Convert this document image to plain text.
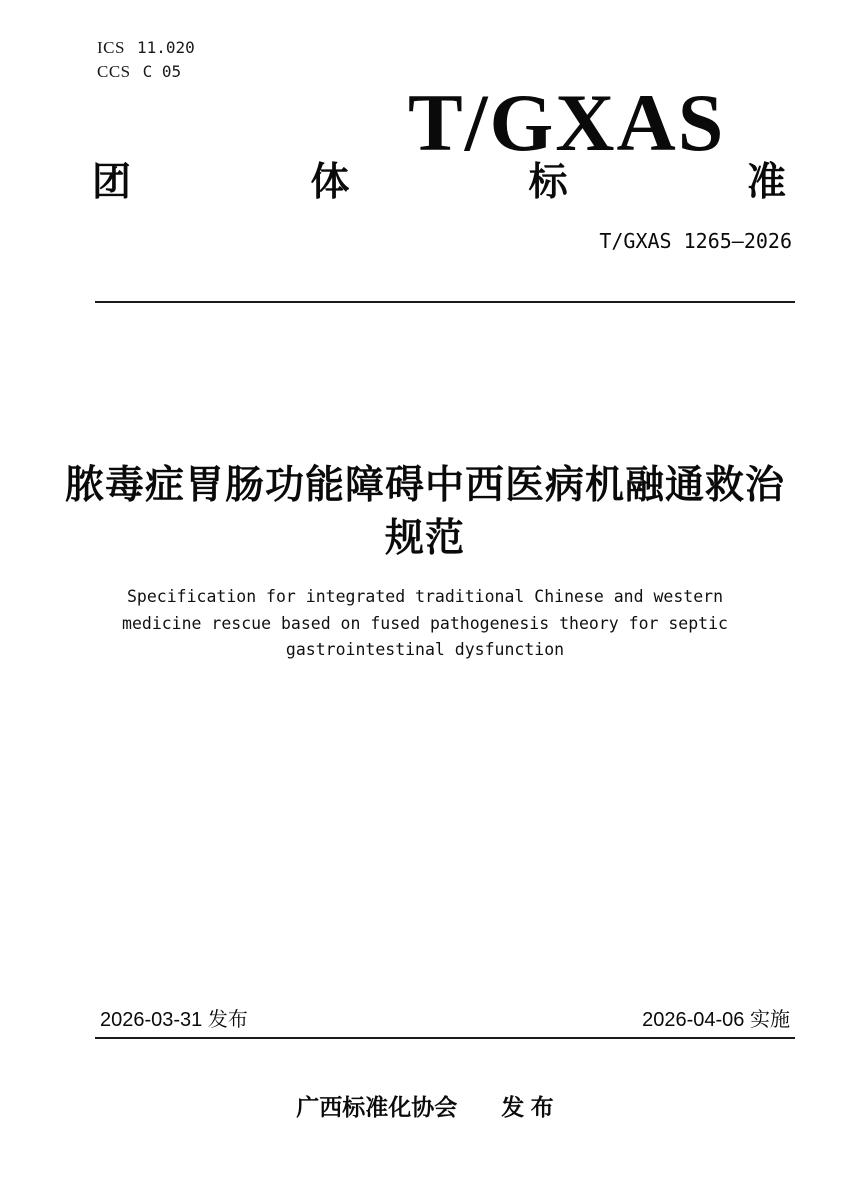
ICS 11.020
CCS C 05
T/GXAS
团	体	标	准
T/GXAS 1265—2026
脓毒症胃肠功能障碍中西医病机融通救治
规范
Specification for integrated traditional Chinese and western
medicine rescue based on fused pathogenesis theory for septic
gastrointestinal dysfunction
2026-03-31 发布	2026-04-06 实施
广西标准化协会 发 布
